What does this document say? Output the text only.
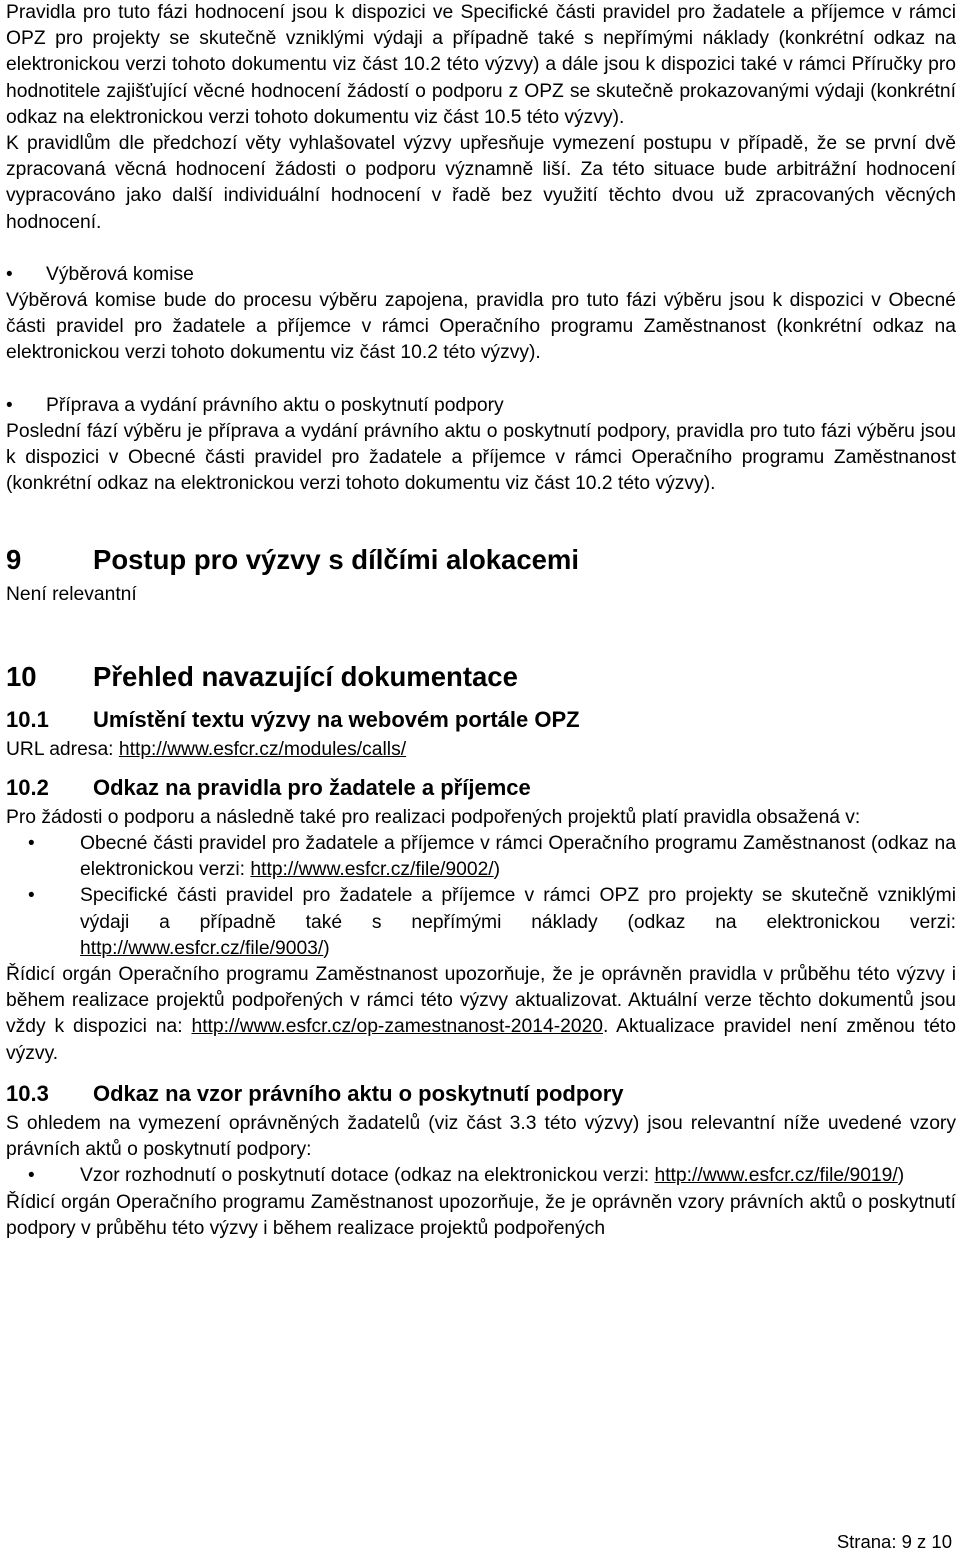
Pravidla pro tuto fázi hodnocení jsou k dispozici ve Specifické části pravidel pro žadatele a příjemce v rámci OPZ pro projekty se skutečně vzniklými výdaji a případně také s nepřímými náklady (konkrétní odkaz na elektronickou verzi tohoto dokumentu viz část 10.2 této výzvy) a dále jsou k dispozici také v rámci Příručky pro hodnotitele zajišťující věcné hodnocení žádostí o podporu z OPZ se skutečně prokazovanými výdaji (konkrétní odkaz na elektronickou verzi tohoto dokumentu viz část 10.5 této výzvy).

K pravidlům dle předchozí věty vyhlašovatel výzvy upřesňuje vymezení postupu v případě, že se první dvě zpracovaná věcná hodnocení žádosti o podporu významně liší. Za této situace bude arbitrážní hodnocení vypracováno jako další individuální hodnocení v řadě bez využití těchto dvou už zpracovaných věcných hodnocení.

•	Výběrová komise

Výběrová komise bude do procesu výběru zapojena, pravidla pro tuto fázi výběru jsou k dispozici v Obecné části pravidel pro žadatele a příjemce v rámci Operačního programu Zaměstnanost (konkrétní odkaz na elektronickou verzi tohoto dokumentu viz část 10.2 této výzvy).

•	Příprava a vydání právního aktu o poskytnutí podpory

Poslední fází výběru je příprava a vydání právního aktu o poskytnutí podpory, pravidla pro tuto fázi výběru jsou k dispozici v Obecné části pravidel pro žadatele a příjemce v rámci Operačního programu Zaměstnanost (konkrétní odkaz na elektronickou verzi tohoto dokumentu viz část 10.2 této výzvy).

9	Postup pro výzvy s dílčími alokacemi

Není relevantní

10	Přehled navazující dokumentace
10.1	Umístění textu výzvy na webovém portále OPZ

URL adresa: http://www.esfcr.cz/modules/calls/

10.2	Odkaz na pravidla pro žadatele a příjemce

Pro žádosti o podporu a následně také pro realizaci podpořených projektů platí pravidla obsažená v:

•	Obecné části pravidel pro žadatele a příjemce v rámci Operačního programu Zaměstnanost (odkaz na elektronickou verzi: http://www.esfcr.cz/file/9002/)
•	Specifické části pravidel pro žadatele a příjemce v rámci OPZ pro projekty se skutečně vzniklými výdaji a případně také s nepřímými náklady (odkaz na elektronickou verzi: http://www.esfcr.cz/file/9003/)

Řídicí orgán Operačního programu Zaměstnanost upozorňuje, že je oprávněn pravidla v průběhu této výzvy i během realizace projektů podpořených v rámci této výzvy aktualizovat. Aktuální verze těchto dokumentů jsou vždy k dispozici na: http://www.esfcr.cz/op-zamestnanost-2014-2020. Aktualizace pravidel není změnou této výzvy.

10.3	Odkaz na vzor právního aktu o poskytnutí podpory

S ohledem na vymezení oprávněných žadatelů (viz část 3.3 této výzvy) jsou relevantní níže uvedené vzory právních aktů o poskytnutí podpory:

•	Vzor rozhodnutí o poskytnutí dotace (odkaz na elektronickou verzi: http://www.esfcr.cz/file/9019/)

Řídicí orgán Operačního programu Zaměstnanost upozorňuje, že je oprávněn vzory právních aktů o poskytnutí podpory v průběhu této výzvy i během realizace projektů podpořených

Strana: 9 z 10
